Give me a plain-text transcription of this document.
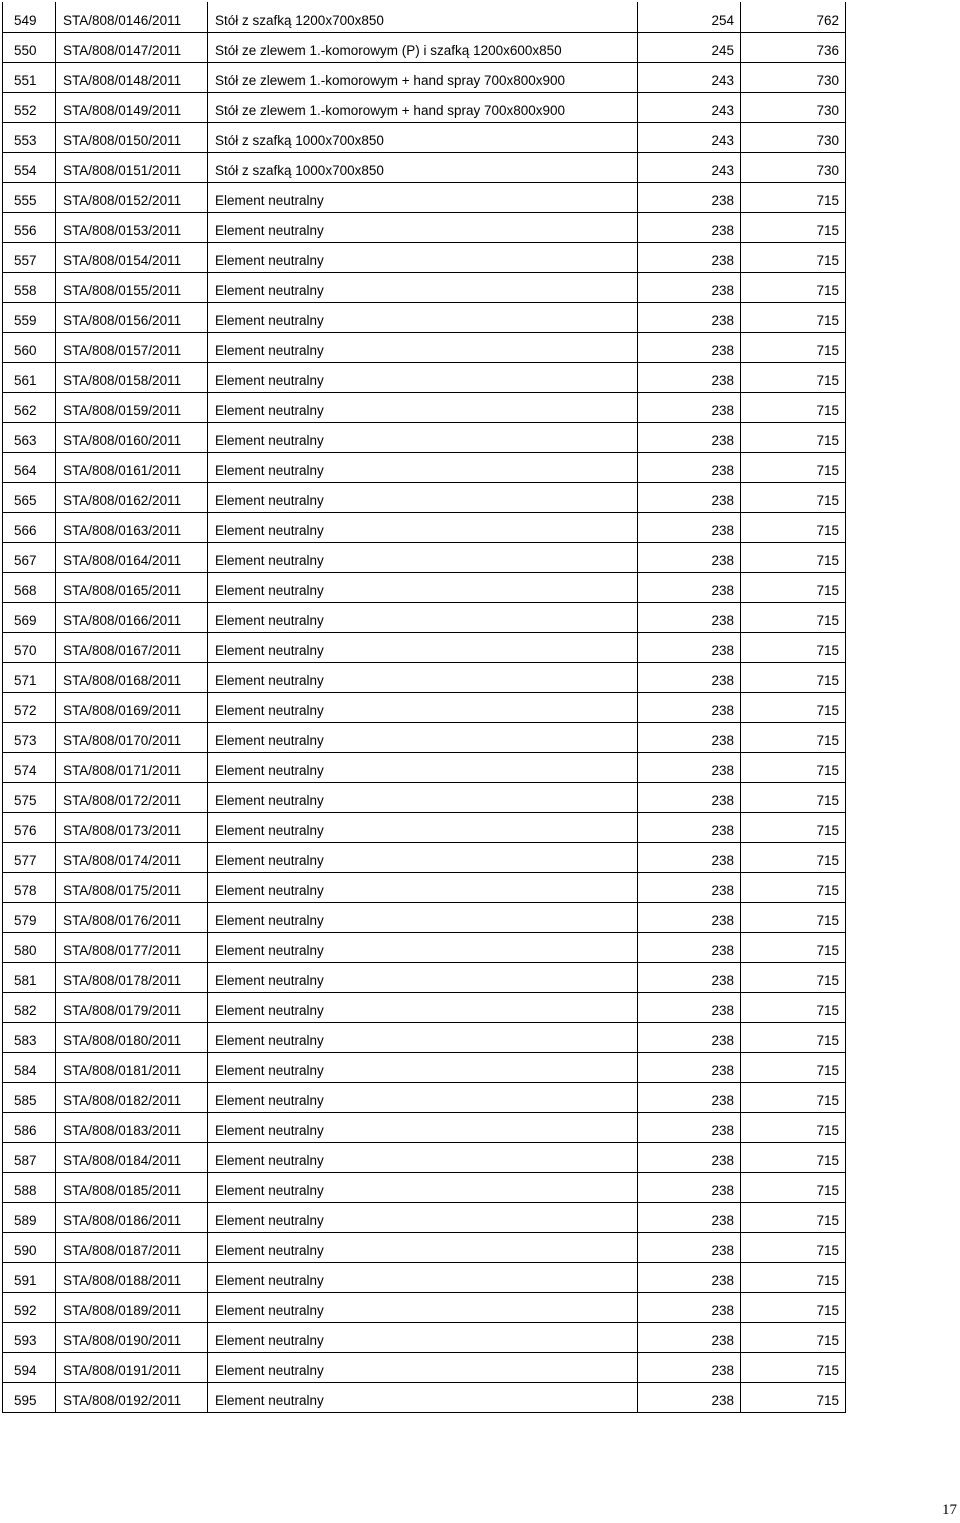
549	STA/808/0146/2011	Stół z szafką 1200x700x850	254	762
550	STA/808/0147/2011	Stół ze zlewem 1.-komorowym (P) i szafką 1200x600x850	245	736
551	STA/808/0148/2011	Stół ze zlewem 1.-komorowym + hand spray 700x800x900	243	730
552	STA/808/0149/2011	Stół ze zlewem 1.-komorowym + hand spray 700x800x900	243	730
553	STA/808/0150/2011	Stół z szafką 1000x700x850	243	730
554	STA/808/0151/2011	Stół z szafką 1000x700x850	243	730
555	STA/808/0152/2011	Element neutralny	238	715
556	STA/808/0153/2011	Element neutralny	238	715
557	STA/808/0154/2011	Element neutralny	238	715
558	STA/808/0155/2011	Element neutralny	238	715
559	STA/808/0156/2011	Element neutralny	238	715
560	STA/808/0157/2011	Element neutralny	238	715
561	STA/808/0158/2011	Element neutralny	238	715
562	STA/808/0159/2011	Element neutralny	238	715
563	STA/808/0160/2011	Element neutralny	238	715
564	STA/808/0161/2011	Element neutralny	238	715
565	STA/808/0162/2011	Element neutralny	238	715
566	STA/808/0163/2011	Element neutralny	238	715
567	STA/808/0164/2011	Element neutralny	238	715
568	STA/808/0165/2011	Element neutralny	238	715
569	STA/808/0166/2011	Element neutralny	238	715
570	STA/808/0167/2011	Element neutralny	238	715
571	STA/808/0168/2011	Element neutralny	238	715
572	STA/808/0169/2011	Element neutralny	238	715
573	STA/808/0170/2011	Element neutralny	238	715
574	STA/808/0171/2011	Element neutralny	238	715
575	STA/808/0172/2011	Element neutralny	238	715
576	STA/808/0173/2011	Element neutralny	238	715
577	STA/808/0174/2011	Element neutralny	238	715
578	STA/808/0175/2011	Element neutralny	238	715
579	STA/808/0176/2011	Element neutralny	238	715
580	STA/808/0177/2011	Element neutralny	238	715
581	STA/808/0178/2011	Element neutralny	238	715
582	STA/808/0179/2011	Element neutralny	238	715
583	STA/808/0180/2011	Element neutralny	238	715
584	STA/808/0181/2011	Element neutralny	238	715
585	STA/808/0182/2011	Element neutralny	238	715
586	STA/808/0183/2011	Element neutralny	238	715
587	STA/808/0184/2011	Element neutralny	238	715
588	STA/808/0185/2011	Element neutralny	238	715
589	STA/808/0186/2011	Element neutralny	238	715
590	STA/808/0187/2011	Element neutralny	238	715
591	STA/808/0188/2011	Element neutralny	238	715
592	STA/808/0189/2011	Element neutralny	238	715
593	STA/808/0190/2011	Element neutralny	238	715
594	STA/808/0191/2011	Element neutralny	238	715
595	STA/808/0192/2011	Element neutralny	238	715
17
